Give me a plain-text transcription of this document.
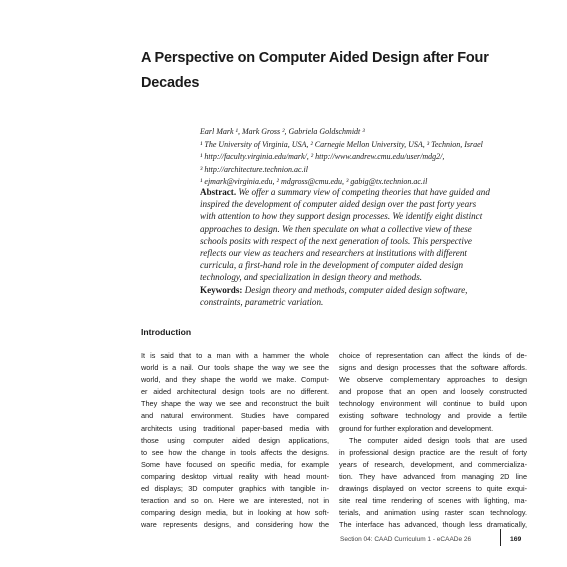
A Perspective on Computer Aided Design after Four
Decades
Earl Mark ¹, Mark Gross ², Gabriela Goldschmidt ³
¹ The University of Virginia, USA, ² Carnegie Mellon University, USA, ³ Technion, Israel
¹ http://faculty.virginia.edu/mark/, ² http://www.andrew.cmu.edu/user/mdg2/,
³ http://architecture.technion.ac.il
¹ ejmark@virginia.edu, ² mdgross@cmu.edu, ³ gabig@tx.technion.ac.il
Abstract. We offer a summary view of competing theories that have guided and
inspired the development of computer aided design over the past forty years
with attention to how they support design processes. We identify eight distinct
approaches to design. We then speculate on what a collective view of these
schools posits with respect of the next generation of tools. This perspective
reflects our view as teachers and researchers at institutions with different
curricula, a first-hand role in the development of computer aided design
technology, and specialization in design theory and methods.
Keywords: Design theory and methods, computer aided design software,
constraints, parametric variation.
Introduction
It is said that to a man with a hammer the whole
world is a nail. Our tools shape the way we see the
world, and they shape the world we make. Comput-
er aided architectural design tools are no different.
They shape the way we see and reconstruct the built
and natural environment. Studies have compared
architects using traditional paper-based media with
those using computer aided design applications,
to see how the change in tools affects the designs.
Some have focused on specific media, for example
comparing desktop virtual reality with head mount-
ed displays; 3D computer graphics with tangible in-
teraction and so on. Here we are interested, not in
comparing design media, but in looking at how soft-
ware represents designs, and considering how the
choice of representation can affect the kinds of de-
signs and design processes that the software affords.
We observe complementary approaches to design
and propose that an open and loosely constructed
technology environment will continue to build upon
existing software technology and provide a fertile
ground for further exploration and development.
The computer aided design tools that are used
in professional design practice are the result of forty
years of research, development, and commercializa-
tion. They have advanced from managing 2D line
drawings displayed on vector screens to quite exqui-
site real time rendering of scenes with lighting, ma-
terials, and animation using raster scan technology.
The interface has advanced, though less dramatically,
Section 04: CAAD Curriculum 1 - eCAADe 26	169
